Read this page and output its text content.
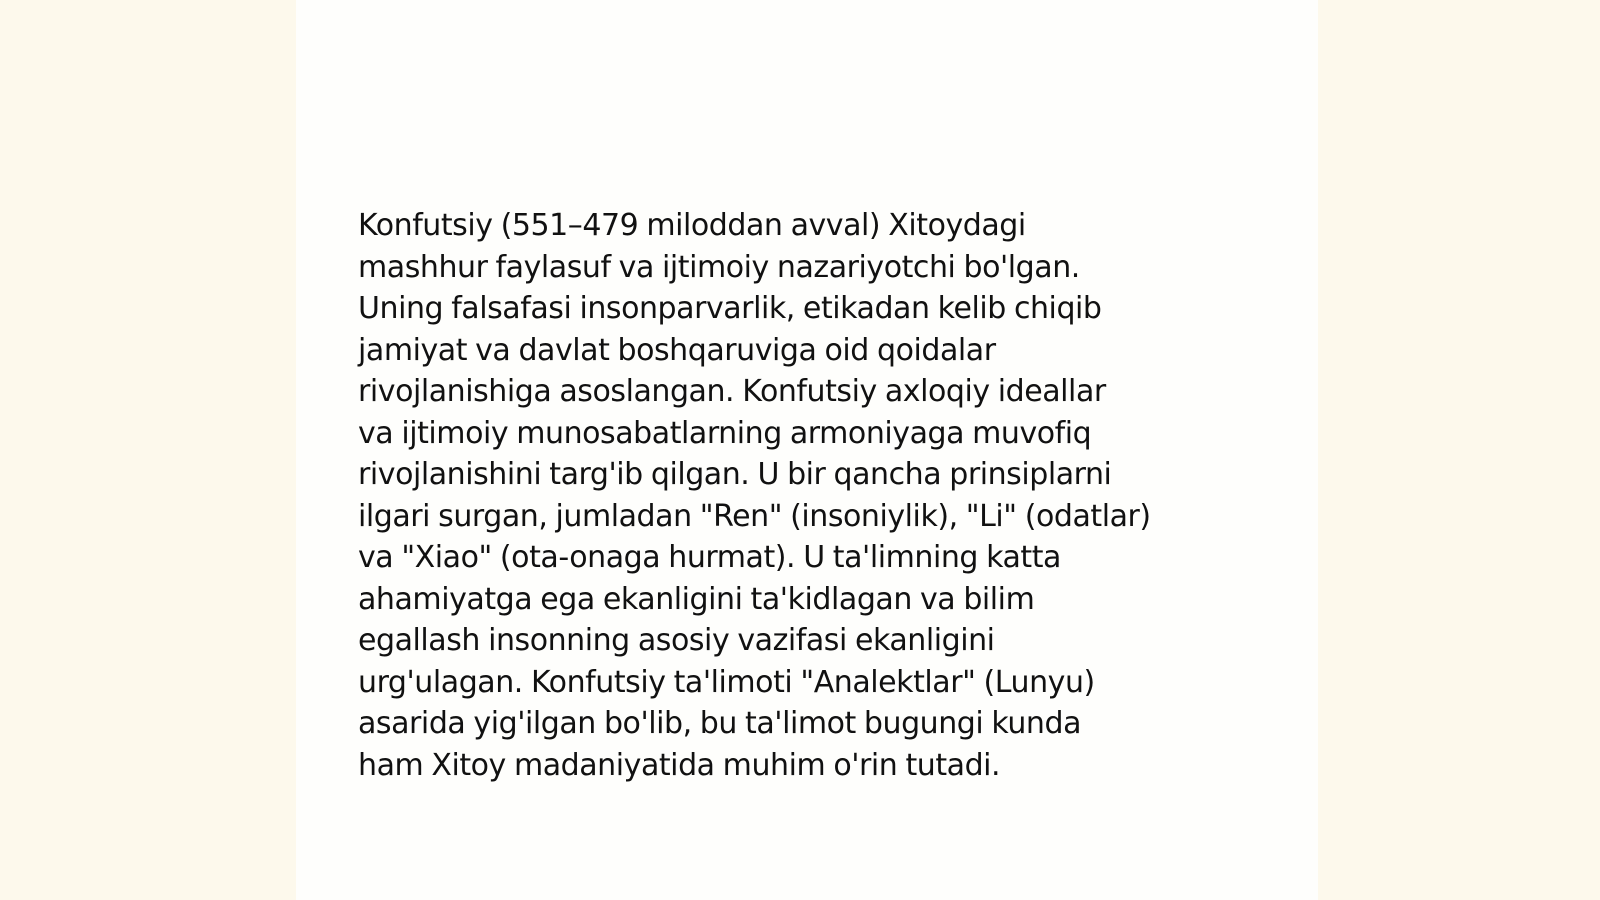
Konfutsiy (551–479 miloddan avval) Xitoydagi
mashhur faylasuf va ijtimoiy nazariyotchi bo'lgan.
Uning falsafasi insonparvarlik, etikadan kelib chiqib
jamiyat va davlat boshqaruviga oid qoidalar
rivojlanishiga asoslangan. Konfutsiy axloqiy ideallar
va ijtimoiy munosabatlarning armoniyaga muvofiq
rivojlanishini targ'ib qilgan. U bir qancha prinsiplarni
ilgari surgan, jumladan "Ren" (insoniylik), "Li" (odatlar)
va "Xiao" (ota-onaga hurmat). U ta'limning katta
ahamiyatga ega ekanligini ta'kidlagan va bilim
egallash insonning asosiy vazifasi ekanligini
urg'ulagan. Konfutsiy ta'limoti "Analektlar" (Lunyu)
asarida yig'ilgan bo'lib, bu ta'limot bugungi kunda
ham Xitoy madaniyatida muhim o'rin tutadi.
